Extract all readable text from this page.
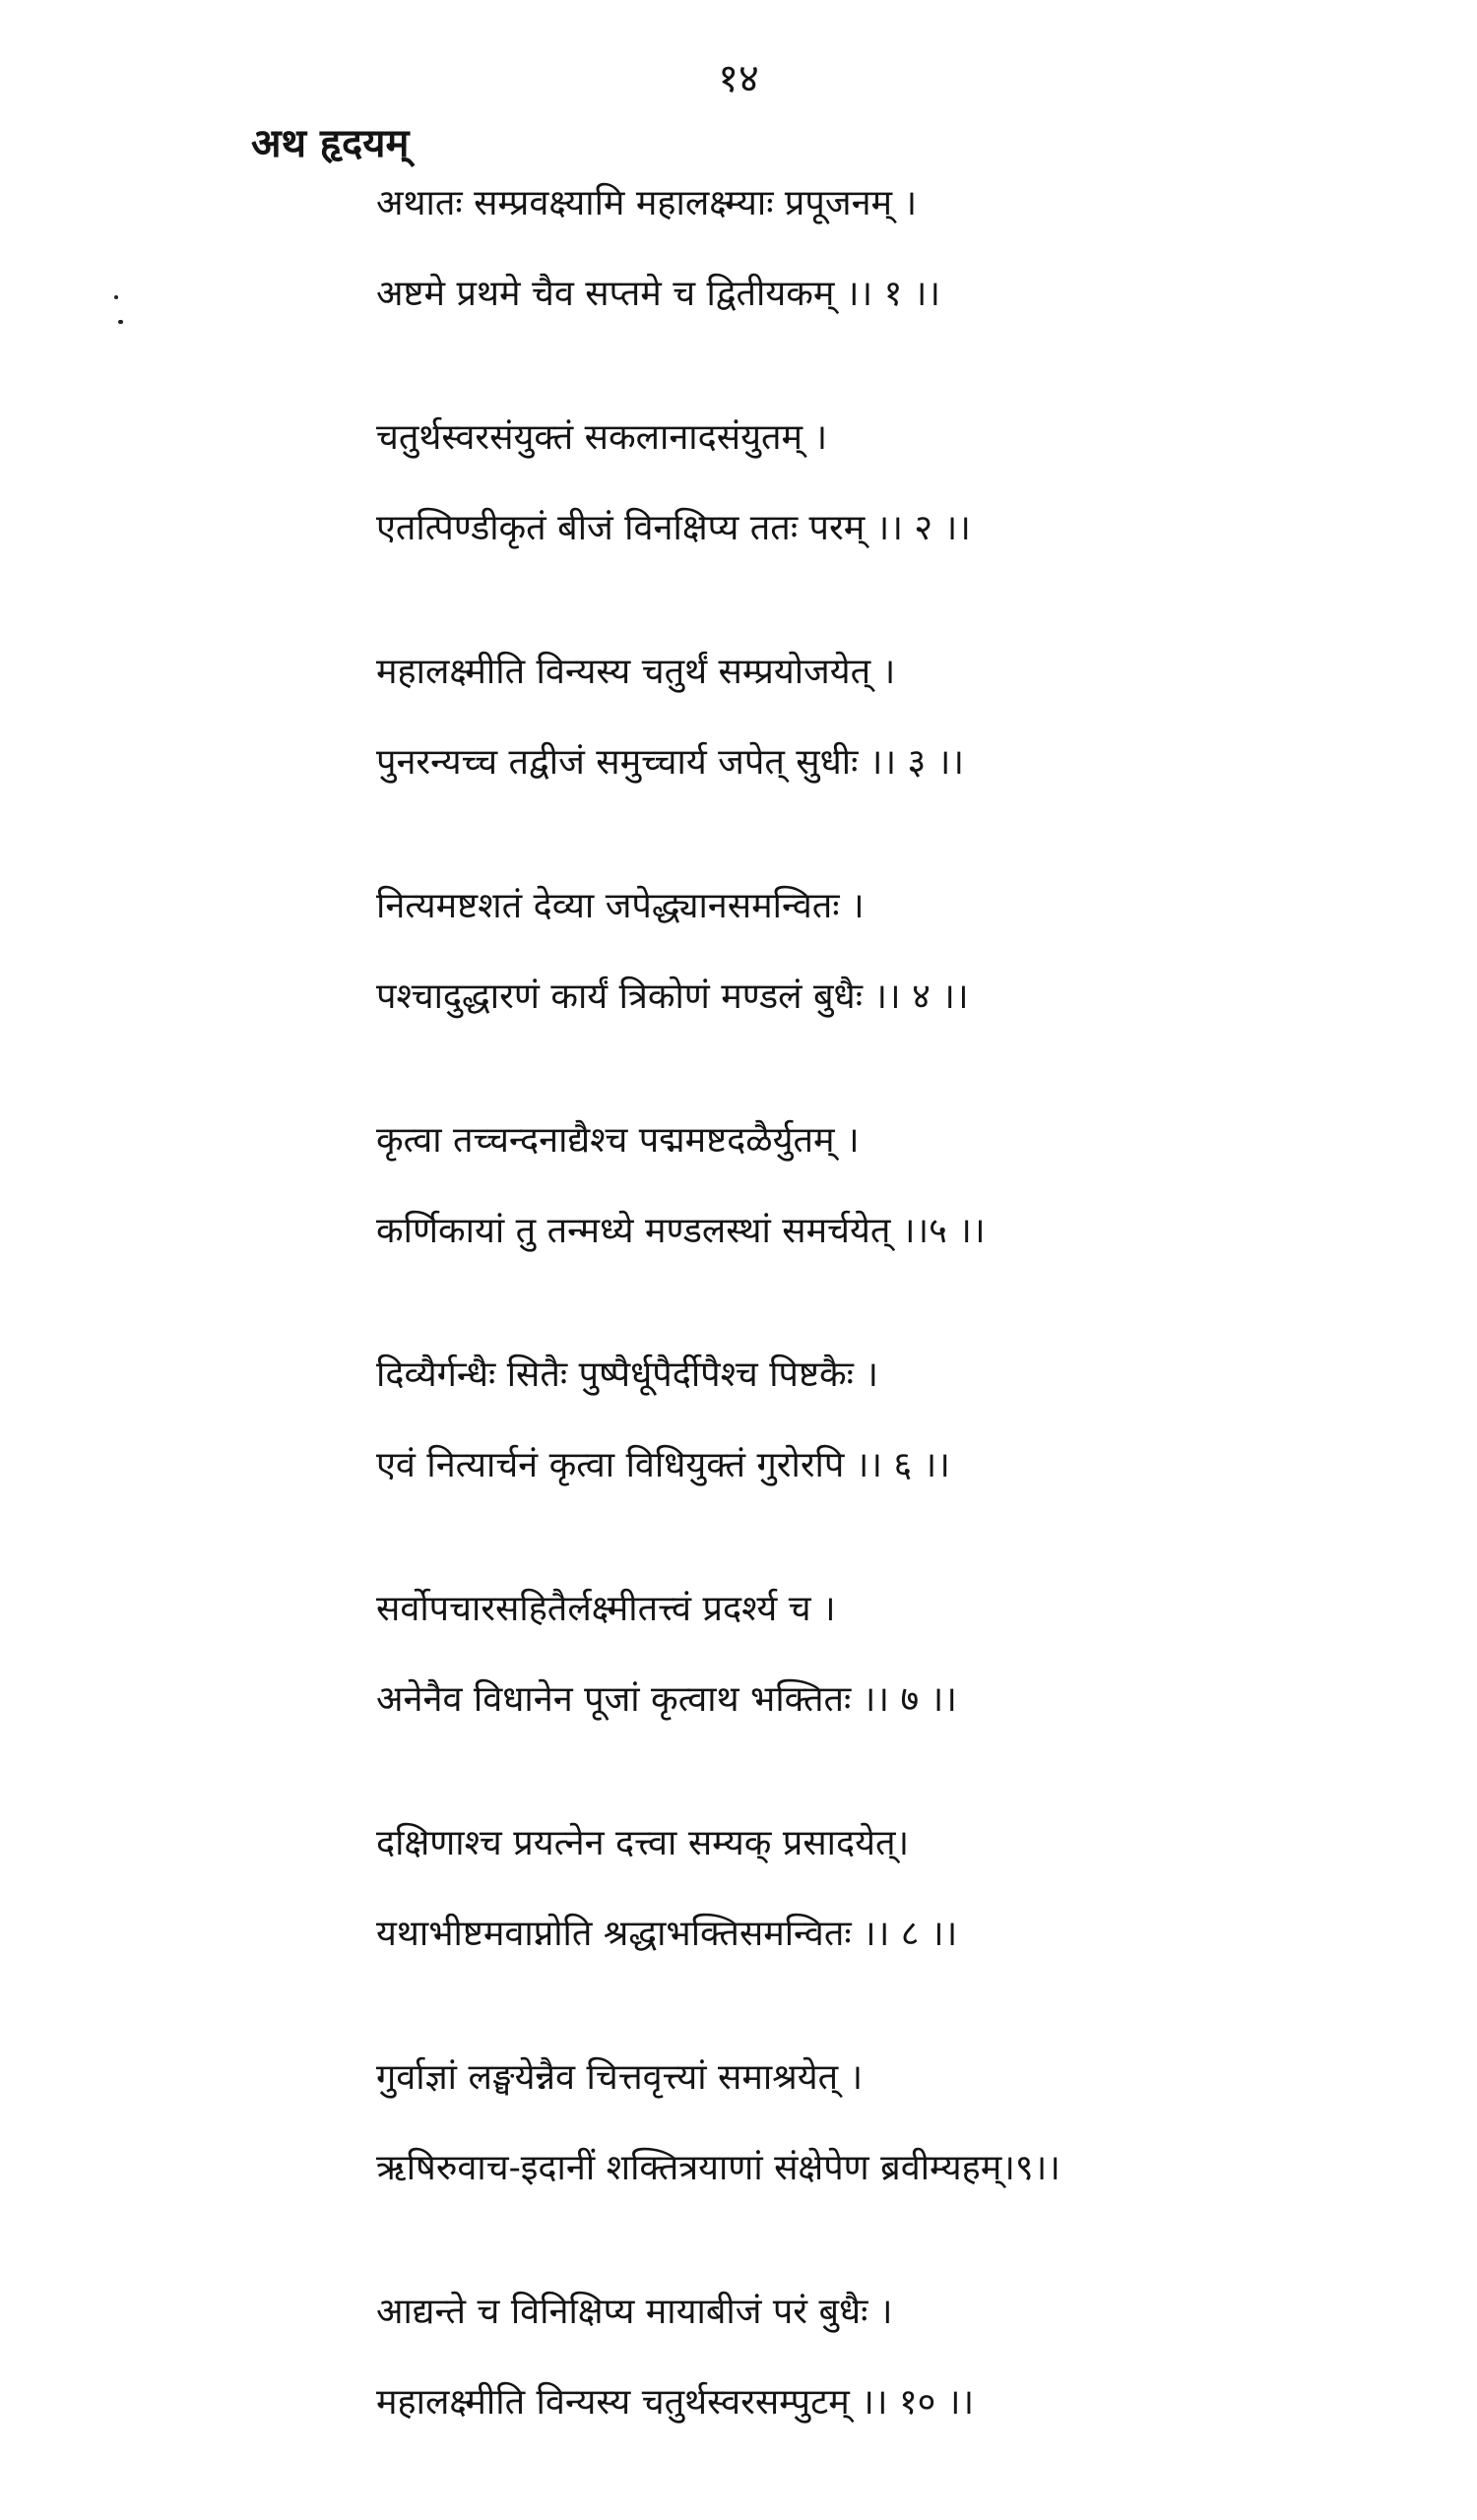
१४
अथ हृदयम्
अथातः सम्प्रवक्ष्यामि महालक्ष्म्याः प्रपूजनम् ।
अष्टमे प्रथमे चैव सप्तमे च द्वितीयकम् ।। १ ।।
चतुर्थस्वरसंयुक्तं सकलानादसंयुतम् ।
एतत्पिण्डीकृतं बीजं विनक्षिप्य ततः परम् ।। २ ।।
महालक्ष्मीति विन्यस्य चतुर्थं सम्प्रयोजयेत् ।
पुनरन्यच्च तद्वीजं समुच्चार्य जपेत् सुधीः ।। ३ ।।
नित्यमष्टशतं देव्या जपेद्ध्यानसमन्वितः ।
पश्चादुद्धारणं कार्यं त्रिकोणं मण्डलं बुधैः ।। ४ ।।
कृत्वा तच्चन्दनाद्यैश्च पद्ममष्टदळैर्युतम् ।
कर्णिकायां तु तन्मध्ये मण्डलस्थां समर्चयेत् ।।५ ।।
दिव्यैर्गन्धैः सितैः पुष्पैर्धूपैर्दीपैश्च पिष्टकैः ।
एवं नित्यार्चनं कृत्वा विधियुक्तं गुरोरपि ।। ६ ।।
सर्वोपचारसहितैर्लक्ष्मीतत्त्वं प्रदर्श्य च ।
अनेनैव विधानेन पूजां कृत्वाथ भक्तितः ।। ७ ।।
दक्षिणाश्च प्रयत्नेन दत्त्वा सम्यक् प्रसादयेत्।
यथाभीष्टमवाप्नोति श्रद्धाभक्तिसमन्वितः ।। ८ ।।
गुर्वाज्ञां लङ्घयेन्नैव चित्तवृत्त्यां समाश्रयेत् ।
ऋषिरुवाच-इदानीं शक्तित्रयाणां संक्षेपेण ब्रवीम्यहम्।९।।
आद्यन्ते च विनिक्षिप्य मायाबीजं परं बुधैः ।
महालक्ष्मीति विन्यस्य चतुर्थस्वरसम्पुटम् ।। १० ।।
